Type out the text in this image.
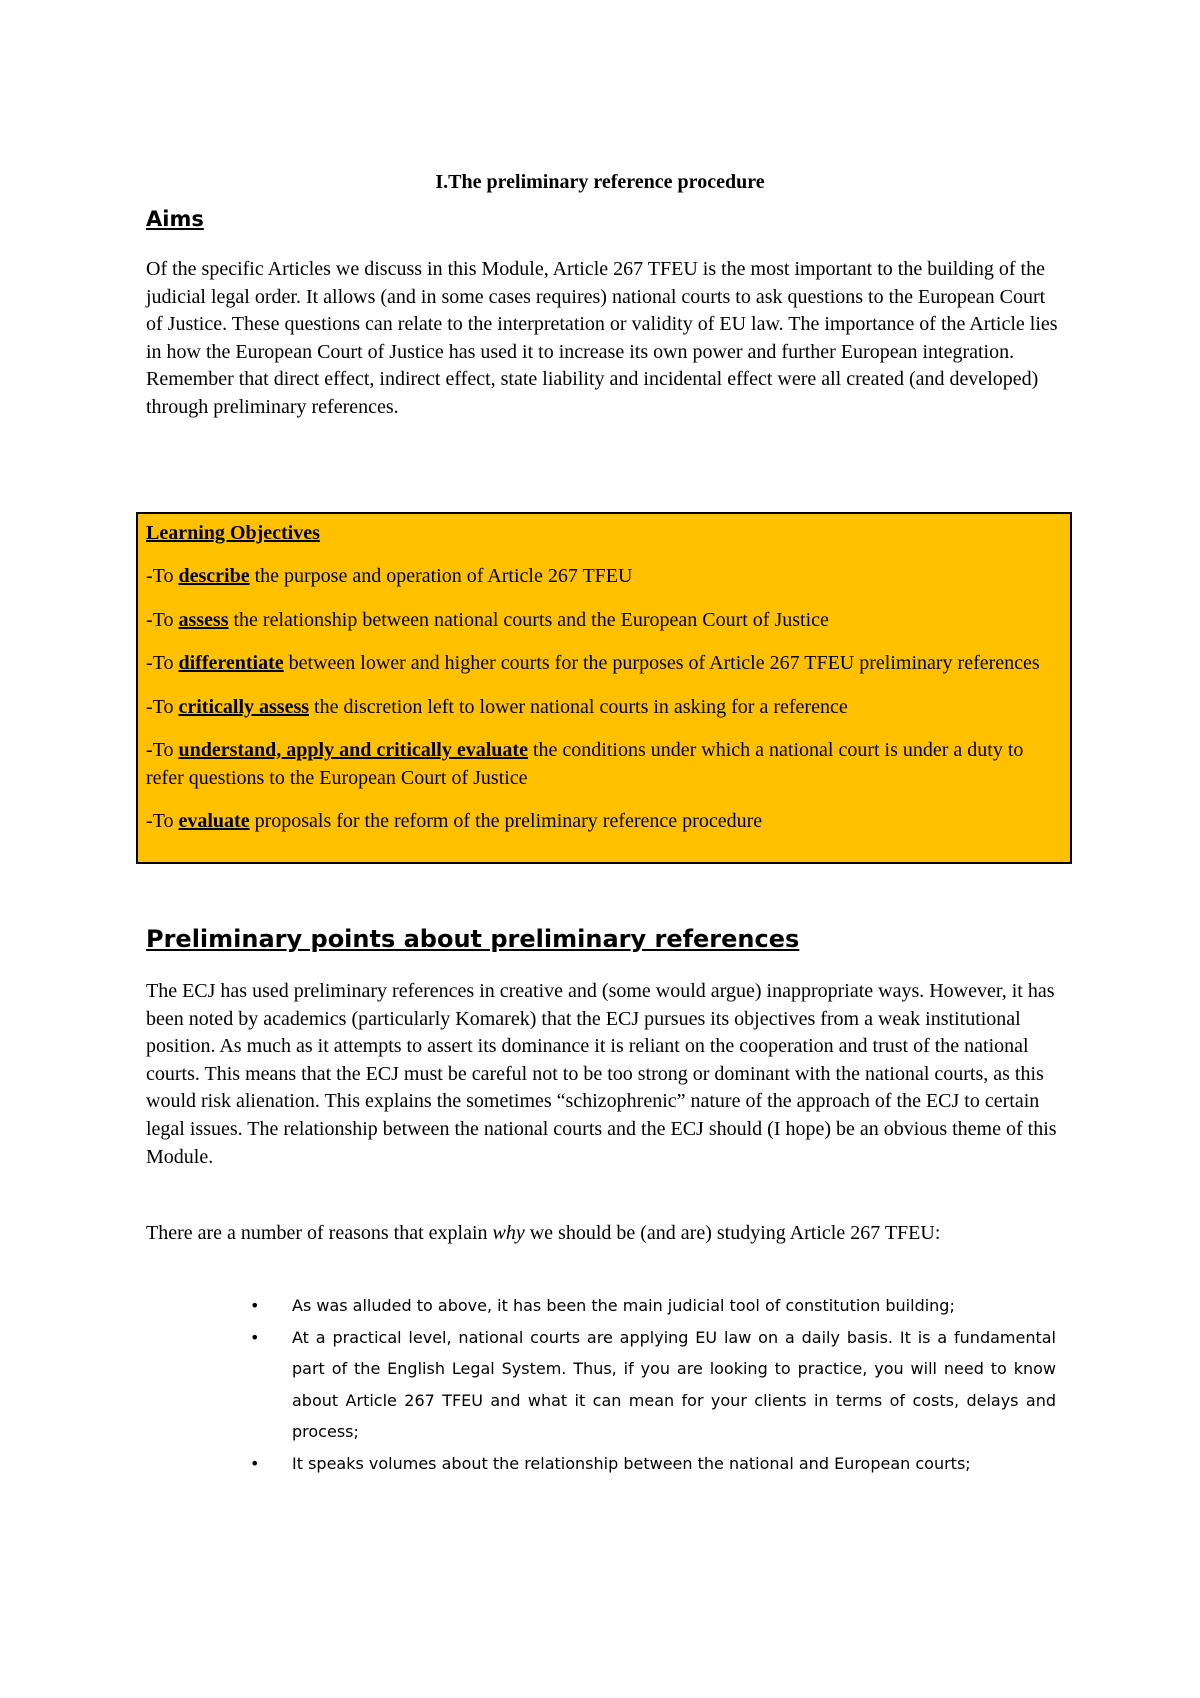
I.The preliminary reference procedure
Aims
Of the specific Articles we discuss in this Module, Article 267 TFEU is the most important to the building of the judicial legal order. It allows (and in some cases requires) national courts to ask questions to the European Court of Justice. These questions can relate to the interpretation or validity of EU law. The importance of the Article lies in how the European Court of Justice has used it to increase its own power and further European integration. Remember that direct effect, indirect effect, state liability and incidental effect were all created (and developed) through preliminary references.
Learning Objectives
-To describe the purpose and operation of Article 267 TFEU
-To assess the relationship between national courts and the European Court of Justice
-To differentiate between lower and higher courts for the purposes of Article 267 TFEU preliminary references
-To critically assess the discretion left to lower national courts in asking for a reference
-To understand, apply and critically evaluate the conditions under which a national court is under a duty to refer questions to the European Court of Justice
-To evaluate proposals for the reform of the preliminary reference procedure
Preliminary points about preliminary references
The ECJ has used preliminary references in creative and (some would argue) inappropriate ways. However, it has been noted by academics (particularly Komarek) that the ECJ pursues its objectives from a weak institutional position. As much as it attempts to assert its dominance it is reliant on the cooperation and trust of the national courts. This means that the ECJ must be careful not to be too strong or dominant with the national courts, as this would risk alienation. This explains the sometimes “schizophrenic” nature of the approach of the ECJ to certain legal issues. The relationship between the national courts and the ECJ should (I hope) be an obvious theme of this Module.
There are a number of reasons that explain why we should be (and are) studying Article 267 TFEU:
• As was alluded to above, it has been the main judicial tool of constitution building;
• At a practical level, national courts are applying EU law on a daily basis. It is a fundamental part of the English Legal System. Thus, if you are looking to practice, you will need to know about Article 267 TFEU and what it can mean for your clients in terms of costs, delays and process;
• It speaks volumes about the relationship between the national and European courts;
